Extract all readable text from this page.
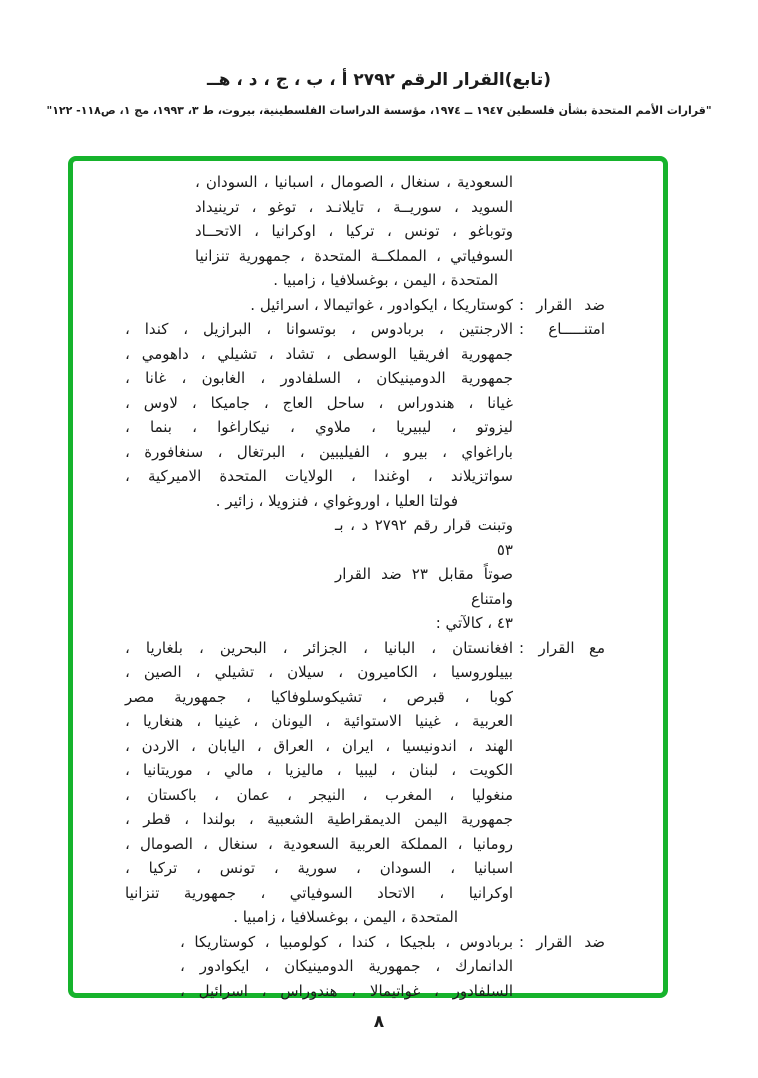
(تابع)القرار الرقم ٢٧٩٢ أ ، ب ، ج ، د ، هــ
"قرارات الأمم المتحدة بشأن فلسطين ١٩٤٧ ــ ١٩٧٤، مؤسسة الدراسات الفلسطينية، بيروت، ط ٣، ١٩٩٣، مج ١، ص١١٨- ١٢٢"
السعودية ، سنغال ، الصومال ، اسبانيا ، السودان ،
السويد ، سوريــة ، تايلانـد ، توغو ، ترينيداد
وتوباغو ، تونس ، تركيا ، اوكرانيا ، الاتحــاد
السوفياتي ، المملكــة المتحدة ، جمهورية تنزانيا
المتحدة ، اليمن ، بوغسلافيا ، زامبيا .
ضد القرار :
كوستاريكا ، ايكوادور ، غواتيمالا ، اسرائيل .
امتنـــــاع :
الارجنتين ، بربادوس ، بوتسوانا ، البرازيل ، كندا ،
جمهورية افريقيا الوسطى ، تشاد ، تشيلي ، داهومي ،
جمهورية الدومينيكان ، السلفادور ، الغابون ، غانا ،
غيانا ، هندوراس ، ساحل العاج ، جاميكا ، لاوس ،
ليزوتو ، ليبيريا ، ملاوي ، نيكاراغوا ، بنما ،
باراغواي ، بيرو ، الفيليبين ، البرتغال ، سنغافورة ،
سواتزيلاند ، اوغندا ، الولايات المتحدة الاميركية ،
فولتا العليا ، اوروغواي ، فنزويلا ، زائير .
وتبنت قرار رقم ٢٧٩٢ د ، بـ ٥٣
صوتاً مقابل ٢٣ ضد القرار وامتناع
٤٣ ، كالآتي :
مع القرار :
افغانستان ، البانيا ، الجزائر ، البحرين ، بلغاريا ،
بييلوروسيا ، الكاميرون ، سيلان ، تشيلي ، الصين ،
كوبا ، قبرص ، تشيكوسلوفاكيا ، جمهورية مصر
العربية ، غينيا الاستوائية ، اليونان ، غينيا ، هنغاريا ،
الهند ، اندونيسيا ، ايران ، العراق ، اليابان ، الاردن ،
الكويت ، لبنان ، ليبيا ، ماليزيا ، مالي ، موريتانيا ،
منغوليا ، المغرب ، النيجر ، عمان ، باكستان ،
جمهورية اليمن الديمقراطية الشعبية ، بولندا ، قطر ،
رومانيا ، المملكة العربية السعودية ، سنغال ، الصومال ،
اسبانيا ، السودان ، سورية ، تونس ، تركيا ،
اوكرانيا ، الاتحاد السوفياتي ، جمهورية تنزانيا
المتحدة ، اليمن ، بوغسلافيا ، زامبيا .
ضد القرار :
بربادوس ، بلجيكا ، كندا ، كولومبيا ، كوستاريكا ،
الدانمارك ، جمهورية الدومينيكان ، ايكوادور ،
السلفادور ، غواتيمالا ، هندوراس ، اسرائيل ،
٨
